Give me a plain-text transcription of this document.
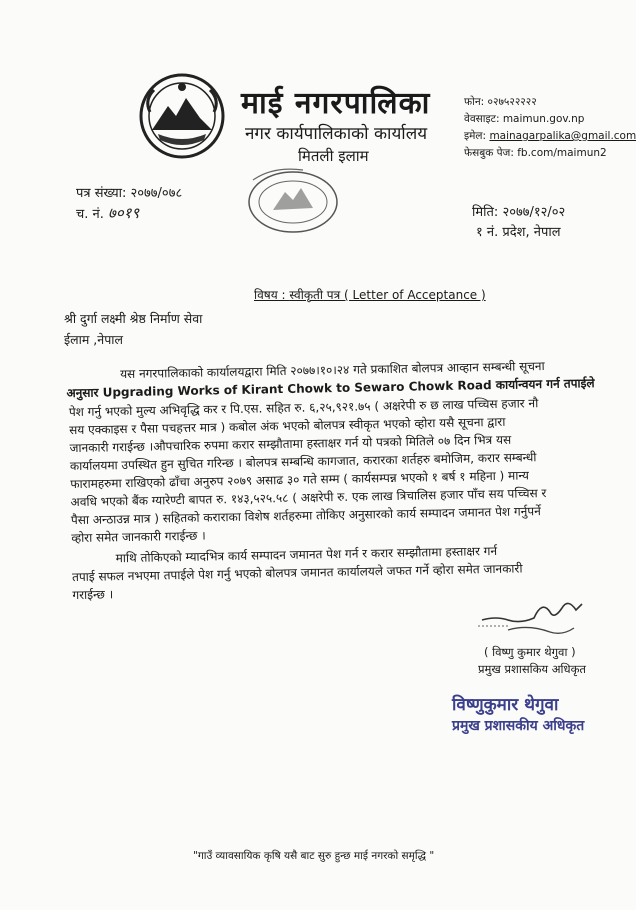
माई नगरपालिका
नगर कार्यपालिकाको कार्यालय
मितली इलाम
फोन: ०२७५२२२२२
वेवसाइट: maimun.gov.np
इमेल: mainagarpalika@gmail.com
फेसबुक पेज: fb.com/maimun2
पत्र संख्या: २०७७/०७८
च. नं. ७०१९	मिति: २०७७/१२/०२
१ नं. प्रदेश, नेपाल
विषय : स्वीकृती पत्र ( Letter of Acceptance )
श्री दुर्गा लक्ष्मी श्रेष्ठ निर्माण सेवा
ईलाम ,नेपाल
यस नगरपालिकाको कार्यालयद्वारा मिति २०७७।१०।२४ गते प्रकाशित बोलपत्र आव्हान सम्बन्धी सूचना
अनुसार Upgrading Works of Kirant Chowk to Sewaro Chowk Road कार्यान्वयन गर्न तपाईले
पेश गर्नु भएको मुल्य अभिवृद्धि कर र पि.एस. सहित रु. ६,२५,९२१.७५ ( अक्षरेपी रु छ लाख पच्चिस हजार नौ
सय एक्काइस र पैसा पचहत्तर मात्र ) कबोल अंक भएको बोलपत्र स्वीकृत भएको व्होरा यसै सूचना द्वारा
जानकारी गराईन्छ ।औपचारिक रुपमा करार सम्झौतामा हस्ताक्षर गर्न यो पत्रको मितिले ०७ दिन भित्र यस
कार्यालयमा उपस्थित हुन सुचित गरिन्छ । बोलपत्र सम्बन्धि कागजात, करारका शर्तहरु बमोजिम, करार सम्बन्धी
फारामहरुमा राखिएको ढाँचा अनुरुप २०७९ असाढ ३० गते सम्म ( कार्यसम्पन्न भएको १ बर्ष १ महिना ) मान्य
अवधि भएको बैंक ग्यारेण्टी बापत रु. १४३,५२५.५८ ( अक्षरेपी रु. एक लाख त्रिचालिस हजार पाँच सय पच्चिस र
पैसा अन्ठाउन्न मात्र ) सहितको कराराका विशेष शर्तहरुमा तोकिए अनुसारको कार्य सम्पादन जमानत पेश गर्नुपर्ने
व्होरा समेत जानकारी गराईन्छ ।
माथि तोकिएको म्यादभित्र कार्य सम्पादन जमानत पेश गर्न र करार सम्झौतामा हस्ताक्षर गर्न
तपाई सफल नभएमा तपाईले पेश गर्नु भएको बोलपत्र जमानत कार्यालयले जफत गर्ने व्होरा समेत जानकारी
गराईन्छ ।
( विष्णु कुमार थेगुवा )
प्रमुख प्रशासकिय अधिकृत
विष्णुकुमार थेगुवा
प्रमुख प्रशासकीय अधिकृत
"गाउँ व्यावसायिक कृषि यसै बाट सुरु हुन्छ माई नगरको समृद्धि "
